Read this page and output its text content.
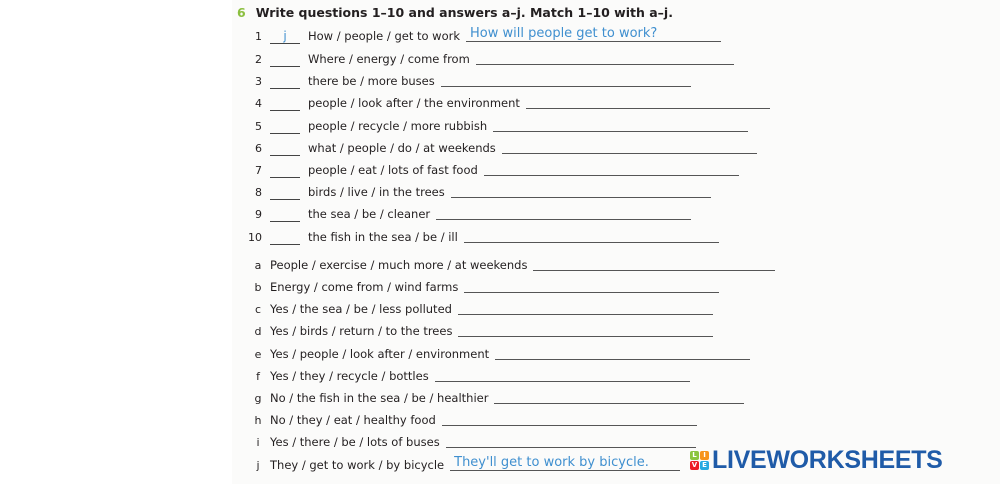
6 Write questions 1–10 and answers a–j. Match 1–10 with a–j.
1	j	How / people / get to work How will people get to work?
2	Where / energy / come from
3	there be / more buses
4	people / look after / the environment
5	people / recycle / more rubbish
6	what / people / do / at weekends
7	people / eat / lots of fast food
8	birds / live / in the trees
9	the sea / be / cleaner
10	the fish in the sea / be / ill
a People / exercise / much more / at weekends
b Energy / come from / wind farms
c Yes / the sea / be / less polluted
d Yes / birds / return / to the trees
e Yes / people / look after / environment
f Yes / they / recycle / bottles
g No / the fish in the sea / be / healthier
h No / they / eat / healthy food
i Yes / there / be / lots of buses
j They / get to work / by bicycle They'll get to work by bicycle.
L I
V E LIVEWORKSHEETS
